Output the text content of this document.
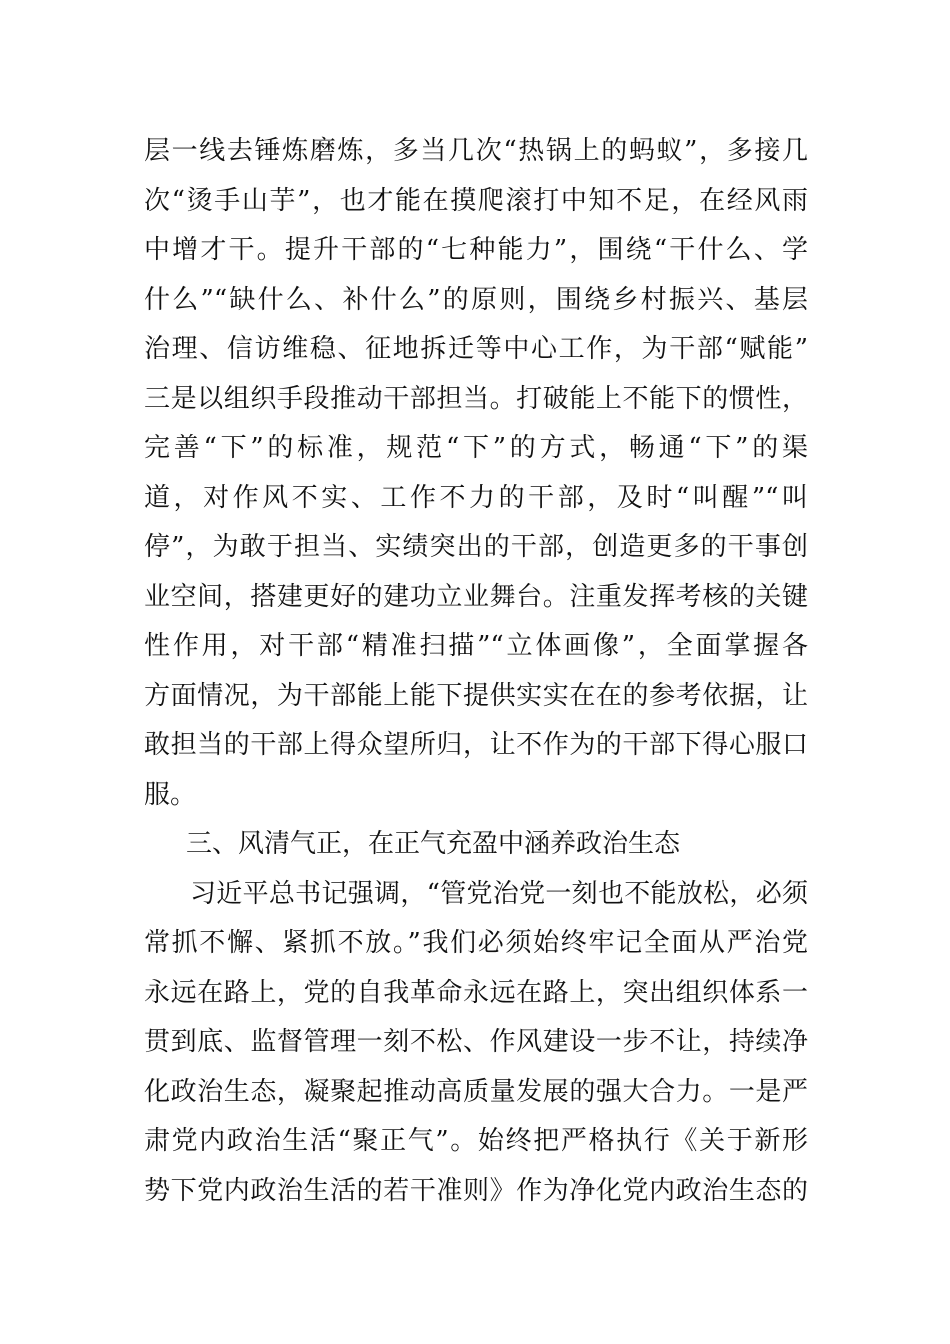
层一线去锤炼磨炼，多当几次“热锅上的蚂蚁”，多接几
次“烫手山芋”，也才能在摸爬滚打中知不足，在经风雨
中增才干。提升干部的“七种能力”，围绕“干什么、学
什么”“缺什么、补什么”的原则，围绕乡村振兴、基层
治理、信访维稳、征地拆迁等中心工作，为干部“赋能”
三是以组织手段推动干部担当。打破能上不能下的惯性，
完善“下”的标准，规范“下”的方式，畅通“下”的渠
道，对作风不实、工作不力的干部，及时“叫醒”“叫
停”，为敢于担当、实绩突出的干部，创造更多的干事创
业空间，搭建更好的建功立业舞台。注重发挥考核的关键
性作用，对干部“精准扫描”“立体画像”，全面掌握各
方面情况，为干部能上能下提供实实在在的参考依据，让
敢担当的干部上得众望所归，让不作为的干部下得心服口
服。
三、风清气正，在正气充盈中涵养政治生态
习近平总书记强调，“管党治党一刻也不能放松，必须
常抓不懈、紧抓不放。”我们必须始终牢记全面从严治党
永远在路上，党的自我革命永远在路上，突出组织体系一
贯到底、监督管理一刻不松、作风建设一步不让，持续净
化政治生态，凝聚起推动高质量发展的强大合力。一是严
肃党内政治生活“聚正气”。始终把严格执行《关于新形
势下党内政治生活的若干准则》作为净化党内政治生态的
